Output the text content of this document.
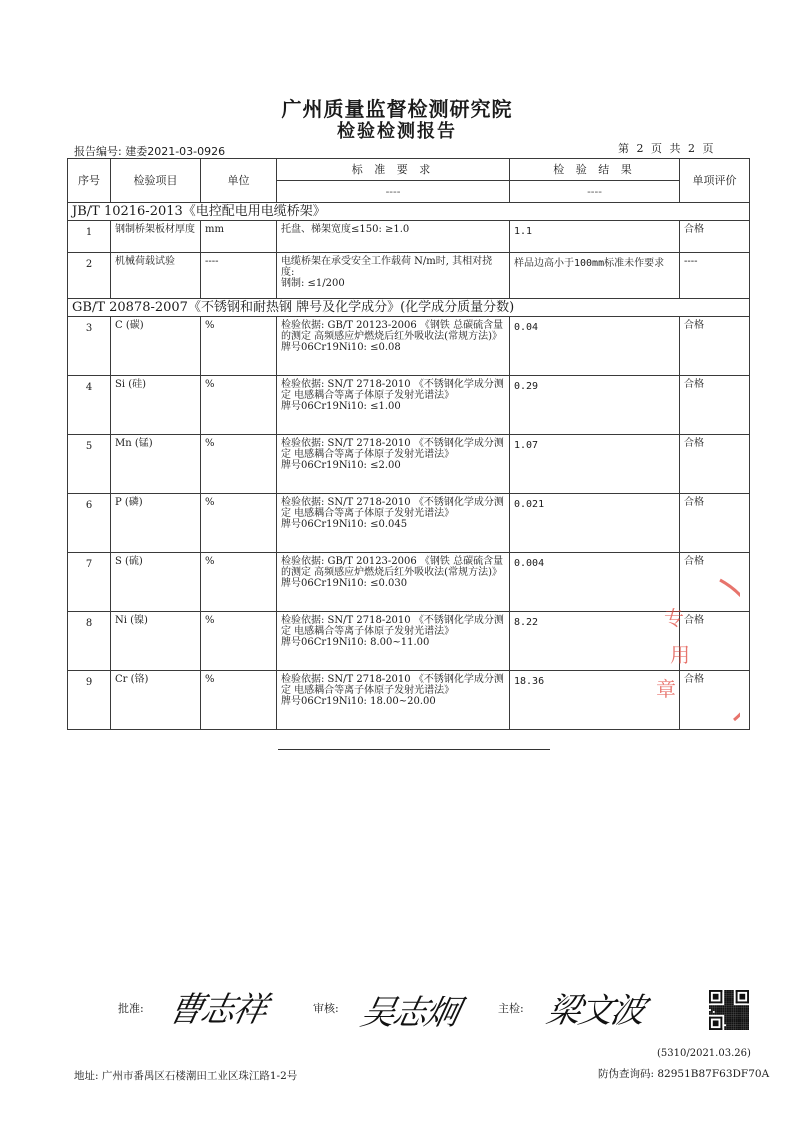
广州质量监督检测研究院
检验检测报告
报告编号: 建委2021-03-0926	第 2 页 共 2 页
序号	检验项目	单位	标 准 要 求	检 验 结 果	单项评价
			----	----	
JB/T 10216-2013《电控配电用电缆桥架》					
1	钢制桥架板材厚度	mm	托盘、梯架宽度≤150: ≥1.0	1.1	合格
2	机械荷载试验	----	电缆桥架在承受安全工作载荷 N/m时, 其相对挠度:
钢制: ≤1/200	样品边高小于100mm标准未作要求	----
GB/T 20878-2007《不锈钢和耐热钢 牌号及化学成分》(化学成分质量分数)					
3	C (碳)	%	检验依据: GB/T 20123-2006 《钢铁 总碳硫含量的测定 高频感应炉燃烧后红外吸收法(常规方法)》
牌号06Cr19Ni10: ≤0.08	0.04	合格
4	Si (硅)	%	检验依据: SN/T 2718-2010 《不锈钢化学成分测定 电感耦合等离子体原子发射光谱法》
牌号06Cr19Ni10: ≤1.00	0.29	合格
5	Mn (锰)	%	检验依据: SN/T 2718-2010 《不锈钢化学成分测定 电感耦合等离子体原子发射光谱法》
牌号06Cr19Ni10: ≤2.00	1.07	合格
6	P (磷)	%	检验依据: SN/T 2718-2010 《不锈钢化学成分测定 电感耦合等离子体原子发射光谱法》
牌号06Cr19Ni10: ≤0.045	0.021	合格
7	S (硫)	%	检验依据: GB/T 20123-2006 《钢铁 总碳硫含量的测定 高频感应炉燃烧后红外吸收法(常规方法)》
牌号06Cr19Ni10: ≤0.030	0.004	合格
8	Ni (镍)	%	检验依据: SN/T 2718-2010 《不锈钢化学成分测定 电感耦合等离子体原子发射光谱法》
牌号06Cr19Ni10: 8.00~11.00	8.22	合格
9	Cr (铬)	%	检验依据: SN/T 2718-2010 《不锈钢化学成分测定 电感耦合等离子体原子发射光谱法》
牌号06Cr19Ni10: 18.00~20.00	18.36	合格
专
用
章
批准: 曹志祥	审核: 吴志炯	主检: 梁文波
(5310/2021.03.26)
地址: 广州市番禺区石楼潮田工业区珠江路1-2号	防伪查询码: 82951B87F63DF70A
